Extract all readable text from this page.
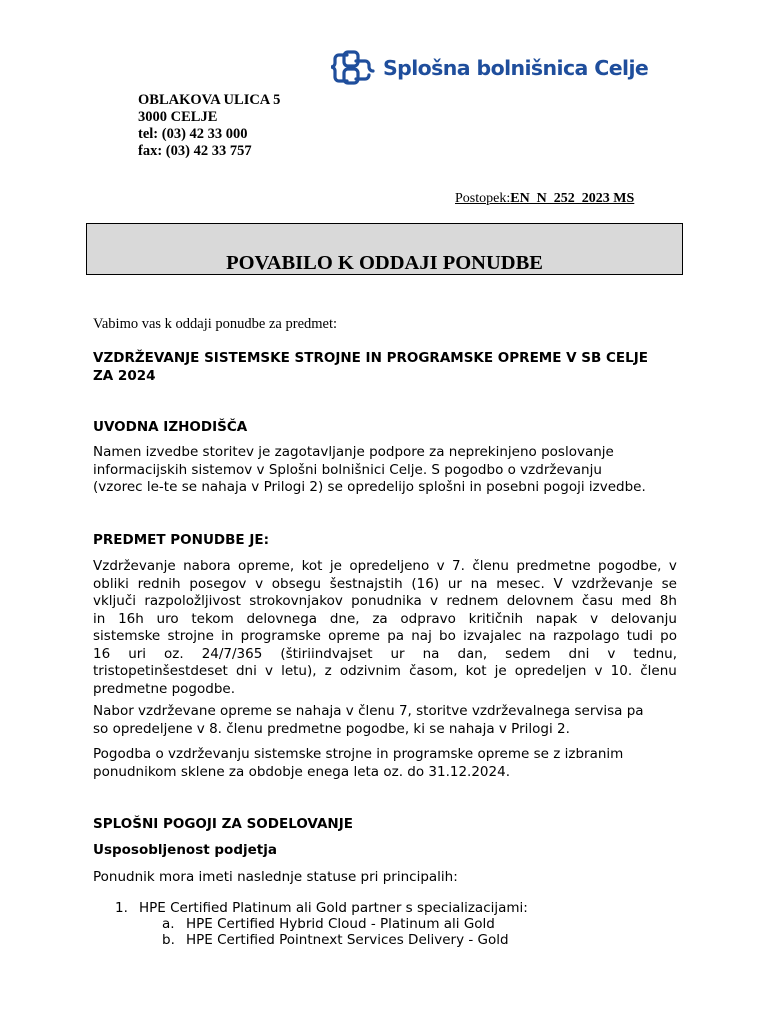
Splošna bolnišnica Celje
OBLAKOVA ULICA 5
3000 CELJE
tel: (03) 42 33 000
fax: (03) 42 33 757
Postopek:EN_N_252_2023 MS
POVABILO K ODDAJI PONUDBE
Vabimo vas k oddaji ponudbe za predmet:
VZDRŽEVANJE SISTEMSKE STROJNE IN PROGRAMSKE OPREME V SB CELJE
ZA 2024
UVODNA IZHODIŠČA
Namen izvedbe storitev je zagotavljanje podpore za neprekinjeno poslovanje
informacijskih sistemov v Splošni bolnišnici Celje. S pogodbo o vzdrževanju
(vzorec le-te se nahaja v Prilogi 2) se opredelijo splošni in posebni pogoji izvedbe.
PREDMET PONUDBE JE:
Vzdrževanje nabora opreme, kot je opredeljeno v 7. členu predmetne pogodbe, v
obliki rednih posegov v obsegu šestnajstih (16) ur na mesec. V vzdrževanje se
vključi razpoložljivost strokovnjakov ponudnika v rednem delovnem času med 8h
in 16h uro tekom delovnega dne, za odpravo kritičnih napak v delovanju
sistemske strojne in programske opreme pa naj bo izvajalec na razpolago tudi po
16 uri oz. 24/7/365 (štiriindvajset ur na dan, sedem dni v tednu,
tristopetinšestdeset dni v letu), z odzivnim časom, kot je opredeljen v 10. členu
predmetne pogodbe.
Nabor vzdrževane opreme se nahaja v členu 7, storitve vzdrževalnega servisa pa
so opredeljene v 8. členu predmetne pogodbe, ki se nahaja v Prilogi 2.
Pogodba o vzdrževanju sistemske strojne in programske opreme se z izbranim
ponudnikom sklene za obdobje enega leta oz. do 31.12.2024.
SPLOŠNI POGOJI ZA SODELOVANJE
Usposobljenost podjetja
Ponudnik mora imeti naslednje statuse pri principalih:
1. HPE Certified Platinum ali Gold partner s specializacijami:
a. HPE Certified Hybrid Cloud - Platinum ali Gold
b. HPE Certified Pointnext Services Delivery - Gold
